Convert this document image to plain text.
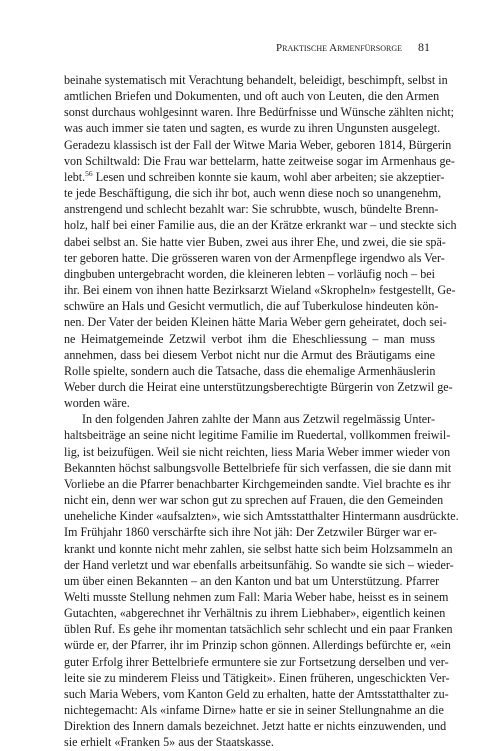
Praktische Armenfürsorge 81

beinahe systematisch mit Verachtung behandelt, beleidigt, beschimpft, selbst in
amtlichen Briefen und Dokumenten, und oft auch von Leuten, die den Armen
sonst durchaus wohlgesinnt waren. Ihre Bedürfnisse und Wünsche zählten nicht;
was auch immer sie taten und sagten, es wurde zu ihren Ungunsten ausgelegt.
Geradezu klassisch ist der Fall der Witwe Maria Weber, geboren 1814, Bürgerin
von Schiltwald: Die Frau war bettelarm, hatte zeitweise sogar im Armenhaus ge-
lebt.$^{56}$ Lesen und schreiben konnte sie kaum, wohl aber arbeiten; sie akzeptier-
te jede Beschäftigung, die sich ihr bot, auch wenn diese noch so unangenehm,
anstrengend und schlecht bezahlt war: Sie schrubbte, wusch, bündelte Brenn-
holz, half bei einer Familie aus, die an der Krätze erkrankt war – und steckte sich
dabei selbst an. Sie hatte vier Buben, zwei aus ihrer Ehe, und zwei, die sie spä-
ter geboren hatte. Die grösseren waren von der Armenpflege irgendwo als Ver-
dingbuben untergebracht worden, die kleineren lebten – vorläufig noch – bei
ihr. Bei einem von ihnen hatte Bezirksarzt Wieland «Skropheln» festgestellt, Ge-
schwüre an Hals und Gesicht vermutlich, die auf Tuberkulose hindeuten kön-
nen. Der Vater der beiden Kleinen hätte Maria Weber gern geheiratet, doch sei-
ne Heimatgemeinde Zetzwil verbot ihm die Eheschliessung – man muss
annehmen, dass bei diesem Verbot nicht nur die Armut des Bräutigams eine
Rolle spielte, sondern auch die Tatsache, dass die ehemalige Armenhäuslerin
Weber durch die Heirat eine unterstützungsberechtigte Bürgerin von Zetzwil ge-
worden wäre.

In den folgenden Jahren zahlte der Mann aus Zetzwil regelmässig Unter-
haltsbeiträge an seine nicht legitime Familie im Ruedertal, vollkommen freiwil-
lig, ist beizufügen. Weil sie nicht reichten, liess Maria Weber immer wieder von
Bekannten höchst salbungsvolle Bettelbriefe für sich verfassen, die sie dann mit
Vorliebe an die Pfarrer benachbarter Kirchgemeinden sandte. Viel brachte es ihr
nicht ein, denn wer war schon gut zu sprechen auf Frauen, die den Gemeinden
uneheliche Kinder «aufsalzten», wie sich Amtsstatthalter Hintermann ausdrückte.
Im Frühjahr 1860 verschärfte sich ihre Not jäh: Der Zetzwiler Bürger war er-
krankt und konnte nicht mehr zahlen, sie selbst hatte sich beim Holzsammeln an
der Hand verletzt und war ebenfalls arbeitsunfähig. So wandte sie sich – wieder-
um über einen Bekannten – an den Kanton und bat um Unterstützung. Pfarrer
Welti musste Stellung nehmen zum Fall: Maria Weber habe, heisst es in seinem
Gutachten, «abgerechnet ihr Verhältnis zu ihrem Liebhaber», eigentlich keinen
üblen Ruf. Es gehe ihr momentan tatsächlich sehr schlecht und ein paar Franken
würde er, der Pfarrer, ihr im Prinzip schon gönnen. Allerdings befürchte er, «ein
guter Erfolg ihrer Bettelbriefe ermuntere sie zur Fortsetzung derselben und ver-
leite sie zu minderem Fleiss und Tätigkeit». Einen früheren, ungeschickten Ver-
such Maria Webers, vom Kanton Geld zu erhalten, hatte der Amtsstatthalter zu-
nichtegemacht: Als «infame Dirne» hatte er sie in seiner Stellungnahme an die
Direktion des Innern damals bezeichnet. Jetzt hatte er nichts einzuwenden, und
sie erhielt «Franken 5» aus der Staatskasse.
